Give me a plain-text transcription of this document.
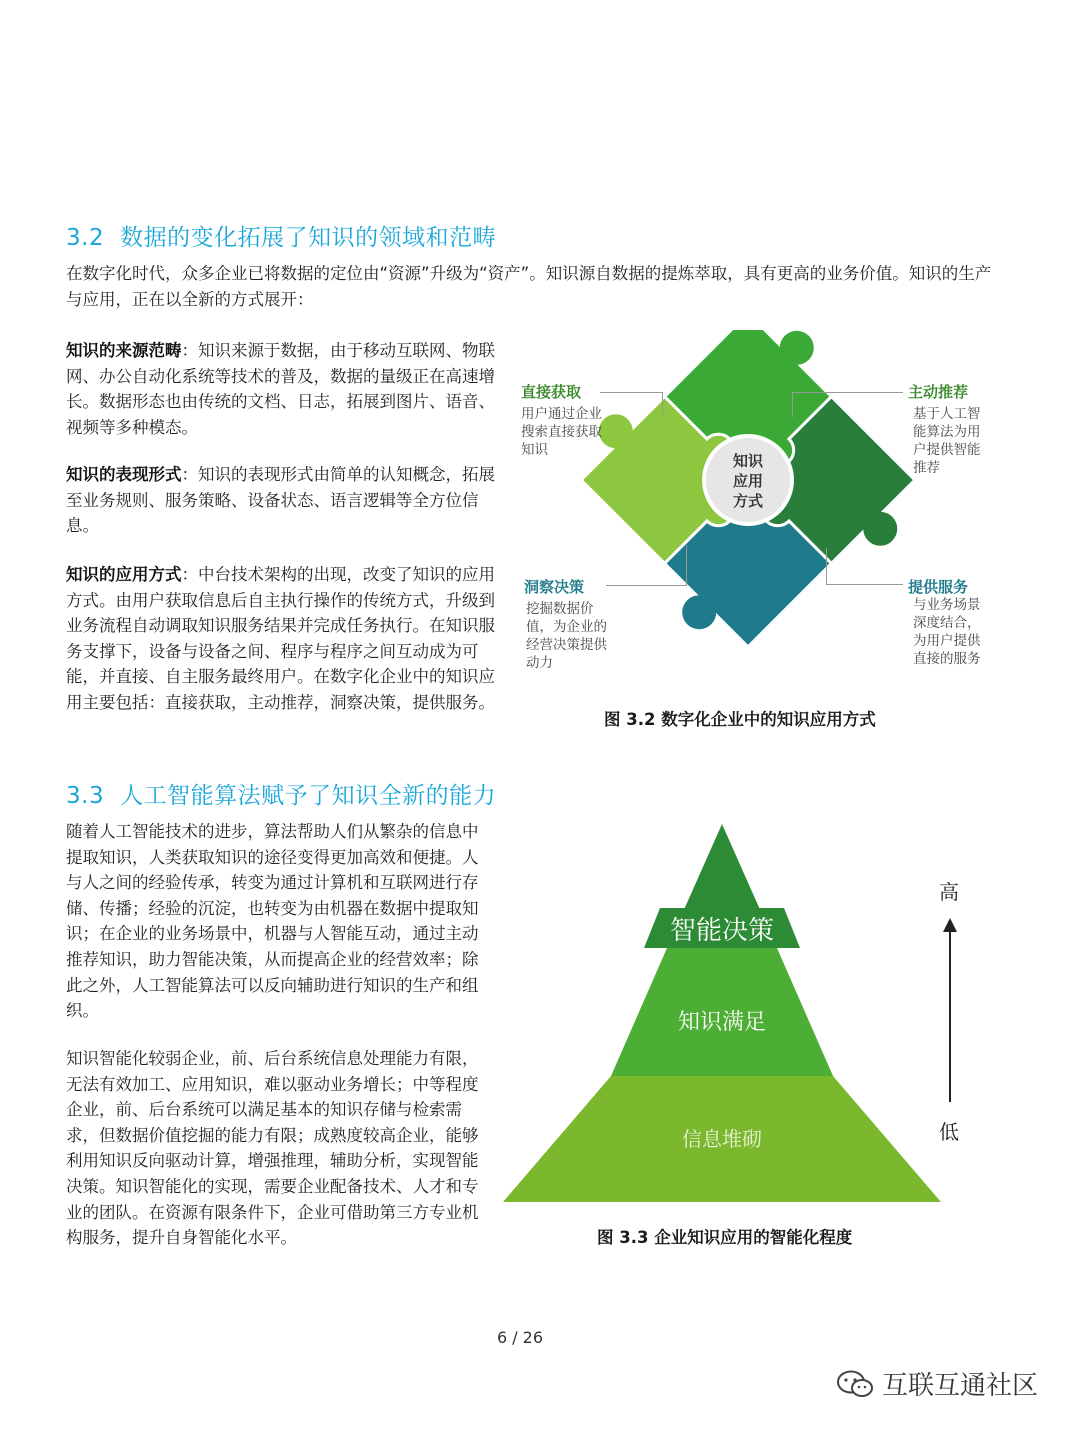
3.2 数据的变化拓展了知识的领域和范畴

在数字化时代，众多企业已将数据的定位由“资源”升级为“资产”。知识源自数据的提炼萃取，具有更高的业务价值。知识的生产与应用，正在以全新的方式展开：

知识的来源范畴：知识来源于数据，由于移动互联网、物联网、办公自动化系统等技术的普及，数据的量级正在高速增长。数据形态也由传统的文档、日志，拓展到图片、语音、视频等多种模态。

知识的表现形式：知识的表现形式由简单的认知概念，拓展至业务规则、服务策略、设备状态、语言逻辑等全方位信息。

知识的应用方式：中台技术架构的出现，改变了知识的应用方式。由用户获取信息后自主执行操作的传统方式，升级到业务流程自动调取知识服务结果并完成任务执行。在知识服务支撑下，设备与设备之间、程序与程序之间互动成为可能，并直接、自主服务最终用户。在数字化企业中的知识应用主要包括：直接获取，主动推荐，洞察决策，提供服务。

知识
应用
方式
直接获取
用户通过企业搜索直接获取知识
主动推荐
基于人工智能算法为用户提供智能推荐
洞察决策
挖掘数据价值，为企业的经营决策提供动力
提供服务
与业务场景深度结合，为用户提供直接的服务
图 3.2 数字化企业中的知识应用方式
3.3 人工智能算法赋予了知识全新的能力

随着人工智能技术的进步，算法帮助人们从繁杂的信息中提取知识，人类获取知识的途径变得更加高效和便捷。人与人之间的经验传承，转变为通过计算机和互联网进行存储、传播；经验的沉淀，也转变为由机器在数据中提取知识；在企业的业务场景中，机器与人智能互动，通过主动推荐知识，助力智能决策，从而提高企业的经营效率；除此之外，人工智能算法可以反向辅助进行知识的生产和组织。

知识智能化较弱企业，前、后台系统信息处理能力有限，无法有效加工、应用知识，难以驱动业务增长；中等程度企业，前、后台系统可以满足基本的知识存储与检索需求，但数据价值挖掘的能力有限；成熟度较高企业，能够利用知识反向驱动计算，增强推理，辅助分析，实现智能决策。知识智能化的实现，需要企业配备技术、人才和专业的团队。在资源有限条件下，企业可借助第三方专业机构服务，提升自身智能化水平。

智能决策
知识满足
信息堆砌
高
低
图 3.3 企业知识应用的智能化程度
6 / 26
互联互通社区
